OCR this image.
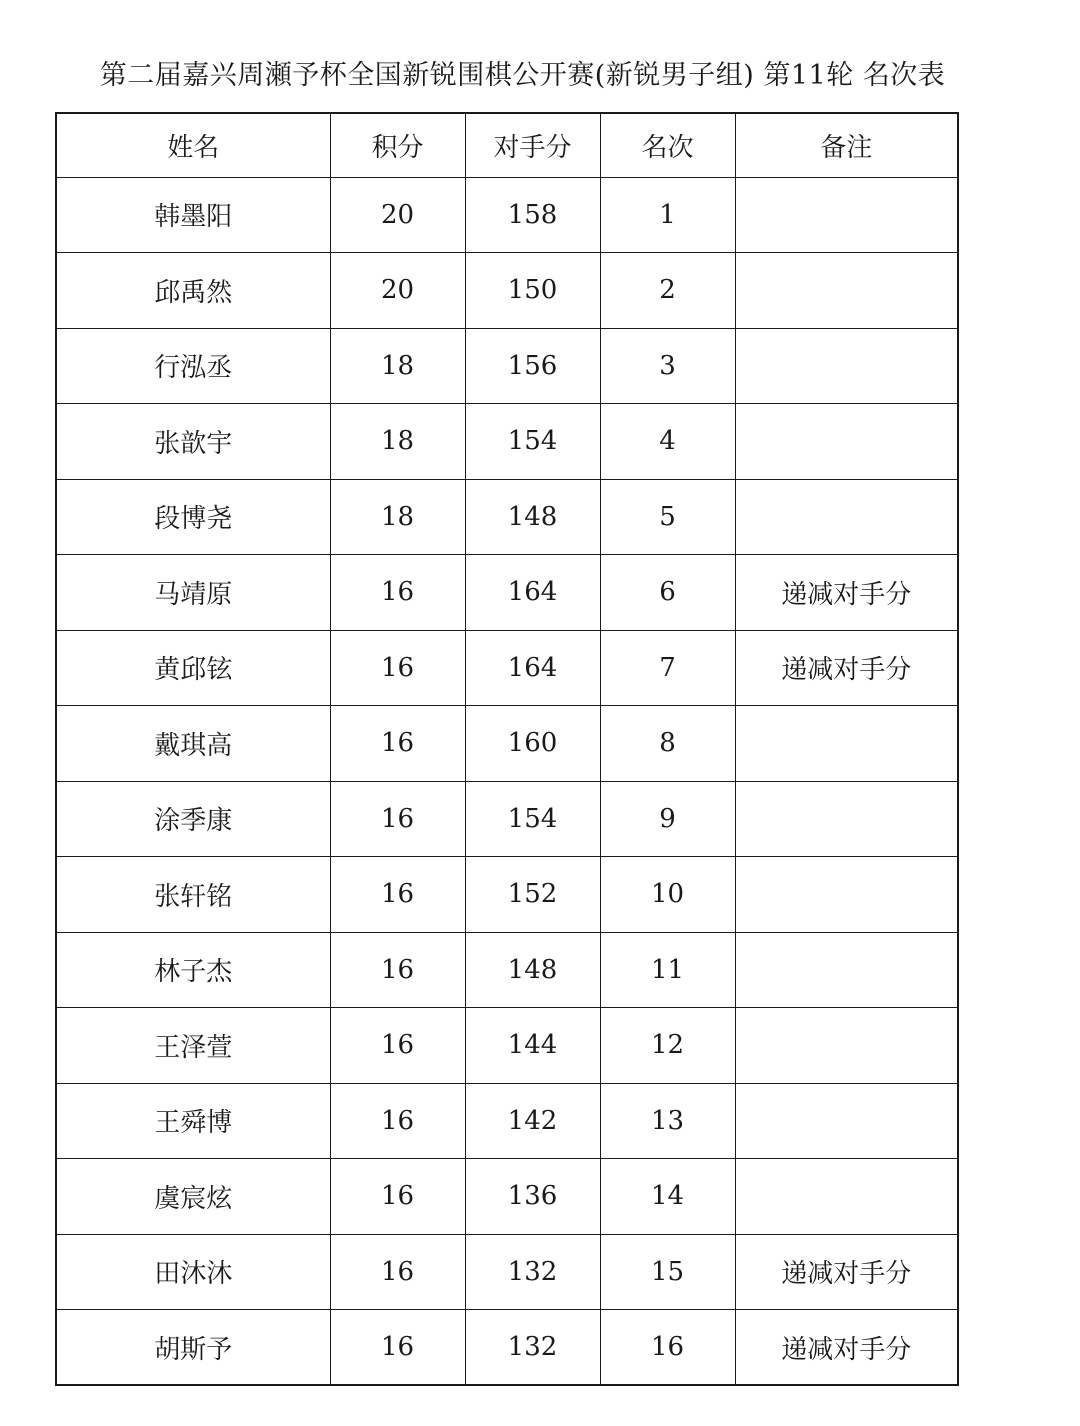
第二届嘉兴周瀬予杯全国新锐围棋公开赛(新锐男子组) 第11轮 名次表
姓名	积分	对手分	名次	备注
韩墨阳	20	158	1	
邱禹然	20	150	2	
行泓丞	18	156	3	
张歆宇	18	154	4	
段博尧	18	148	5	
马靖原	16	164	6	递减对手分
黄邱铉	16	164	7	递减对手分
戴琪高	16	160	8	
涂季康	16	154	9	
张轩铭	16	152	10	
林子杰	16	148	11	
王泽萱	16	144	12	
王舜博	16	142	13	
虞宸炫	16	136	14	
田沐沐	16	132	15	递减对手分
胡斯予	16	132	16	递减对手分
